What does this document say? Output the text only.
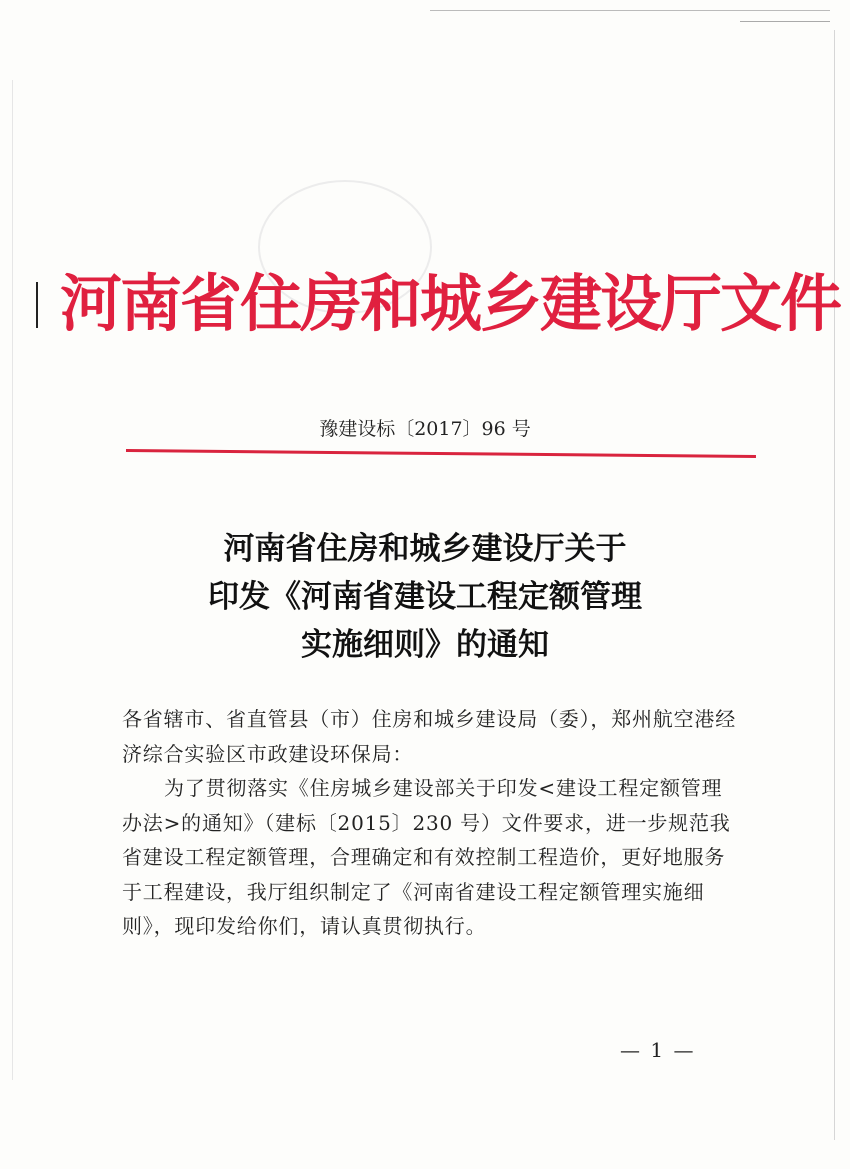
河南省住房和城乡建设厅文件
豫建设标〔2017〕96 号
河南省住房和城乡建设厅关于
印发《河南省建设工程定额管理
实施细则》的通知

各省辖市、省直管县（市）住房和城乡建设局（委），郑州航空港经济综合实验区市政建设环保局：

为了贯彻落实《住房城乡建设部关于印发<建设工程定额管理办法>的通知》（建标〔2015〕230 号）文件要求，进一步规范我省建设工程定额管理，合理确定和有效控制工程造价，更好地服务于工程建设，我厅组织制定了《河南省建设工程定额管理实施细则》，现印发给你们，请认真贯彻执行。

— 1 —
